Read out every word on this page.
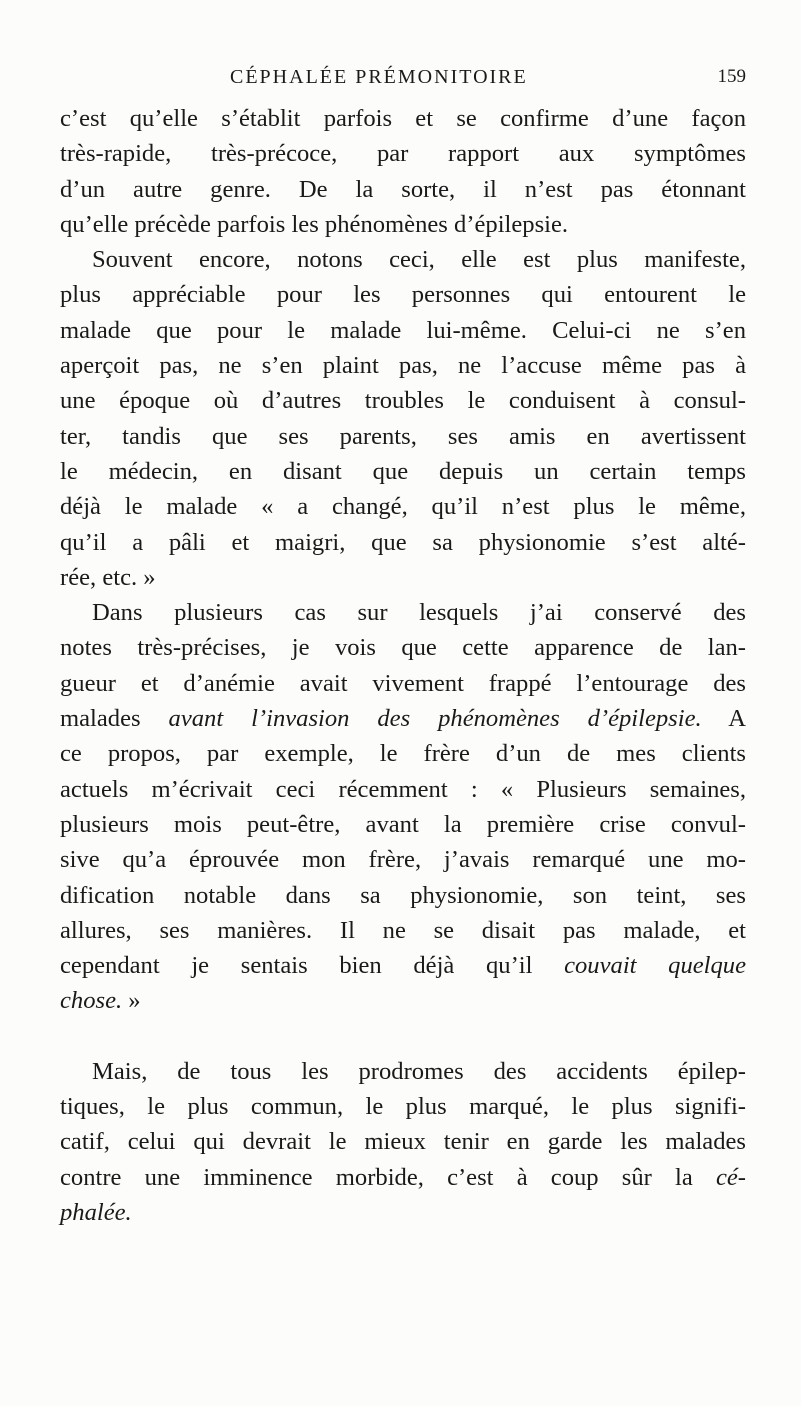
CÉPHALÉE PRÉMONITOIRE	159
c’est qu’elle s’établit parfois et se confirme d’une façon
très-rapide, très-précoce, par rapport aux symptômes
d’un autre genre. De la sorte, il n’est pas étonnant
qu’elle précède parfois les phénomènes d’épilepsie.
Souvent encore, notons ceci, elle est plus manifeste,
plus appréciable pour les personnes qui entourent le
malade que pour le malade lui-même. Celui-ci ne s’en
aperçoit pas, ne s’en plaint pas, ne l’accuse même pas à
une époque où d’autres troubles le conduisent à consul-
ter, tandis que ses parents, ses amis en avertissent
le médecin, en disant que depuis un certain temps
déjà le malade « a changé, qu’il n’est plus le même,
qu’il a pâli et maigri, que sa physionomie s’est alté-
rée, etc. »
Dans plusieurs cas sur lesquels j’ai conservé des
notes très-précises, je vois que cette apparence de lan-
gueur et d’anémie avait vivement frappé l’entourage des
malades avant l’invasion des phénomènes d’épilepsie. A
ce propos, par exemple, le frère d’un de mes clients
actuels m’écrivait ceci récemment : « Plusieurs semaines,
plusieurs mois peut-être, avant la première crise convul-
sive qu’a éprouvée mon frère, j’avais remarqué une mo-
dification notable dans sa physionomie, son teint, ses
allures, ses manières. Il ne se disait pas malade, et
cependant je sentais bien déjà qu’il couvait quelque
chose. »
Mais, de tous les prodromes des accidents épilep-
tiques, le plus commun, le plus marqué, le plus signifi-
catif, celui qui devrait le mieux tenir en garde les malades
contre une imminence morbide, c’est à coup sûr la cé-
phalée.
